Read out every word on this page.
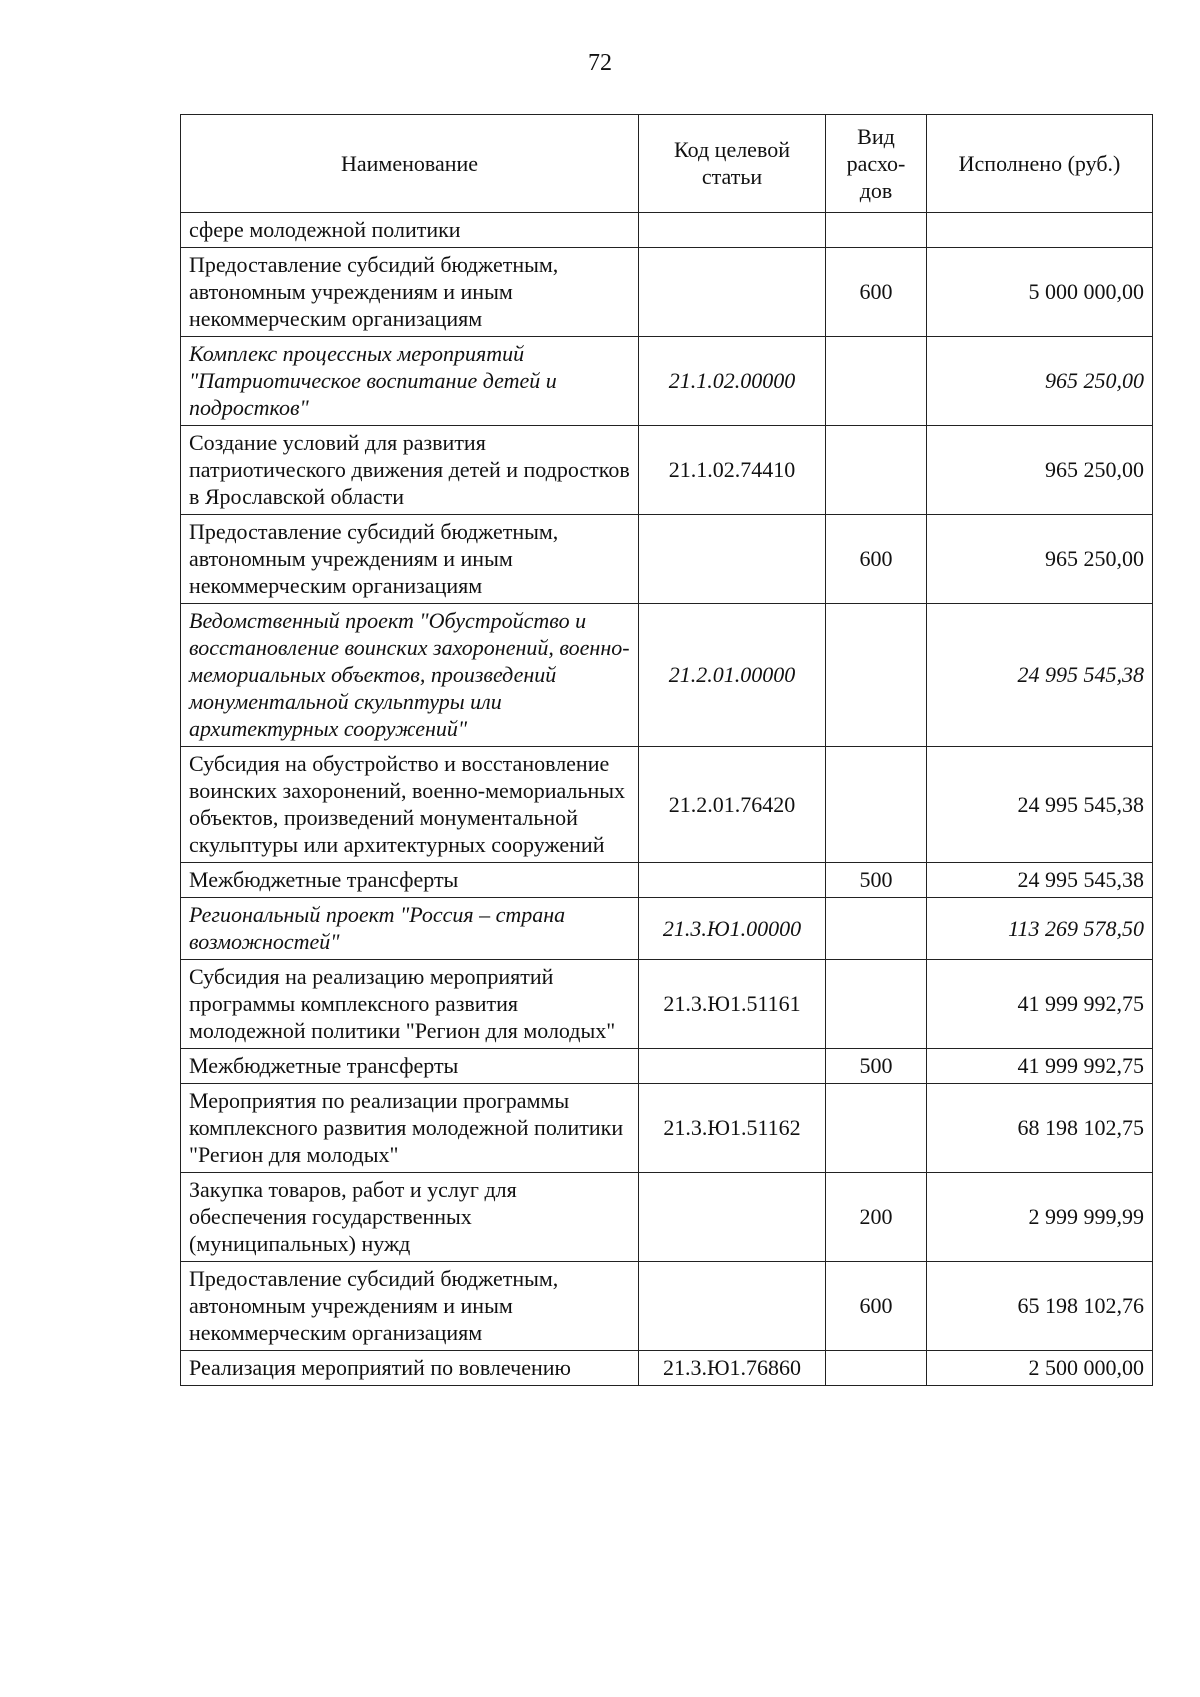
72
Наименование	Код целевой статьи	Вид расхо-дов	Исполнено (руб.)
сфере молодежной политики			
Предоставление субсидий бюджетным, автономным учреждениям и иным некоммерческим организациям		600	5 000 000,00
Комплекс процессных мероприятий "Патриотическое воспитание детей и подростков"	21.1.02.00000		965 250,00
Создание условий для развития патриотического движения детей и подростков в Ярославской области	21.1.02.74410		965 250,00
Предоставление субсидий бюджетным, автономным учреждениям и иным некоммерческим организациям		600	965 250,00
Ведомственный проект "Обустройство и восстановление воинских захоронений, военно-мемориальных объектов, произведений монументальной скульптуры или архитектурных сооружений"	21.2.01.00000		24 995 545,38
Субсидия на обустройство и восстановление воинских захоронений, военно-мемориальных объектов, произведений монументальной скульптуры или архитектурных сооружений	21.2.01.76420		24 995 545,38
Межбюджетные трансферты		500	24 995 545,38
Региональный проект "Россия – страна возможностей"	21.3.Ю1.00000		113 269 578,50
Субсидия на реализацию мероприятий программы комплексного развития молодежной политики "Регион для молодых"	21.3.Ю1.51161		41 999 992,75
Межбюджетные трансферты		500	41 999 992,75
Мероприятия по реализации программы комплексного развития молодежной политики "Регион для молодых"	21.3.Ю1.51162		68 198 102,75
Закупка товаров, работ и услуг для обеспечения государственных (муниципальных) нужд		200	2 999 999,99
Предоставление субсидий бюджетным, автономным учреждениям и иным некоммерческим организациям		600	65 198 102,76
Реализация мероприятий по вовлечению	21.3.Ю1.76860		2 500 000,00
